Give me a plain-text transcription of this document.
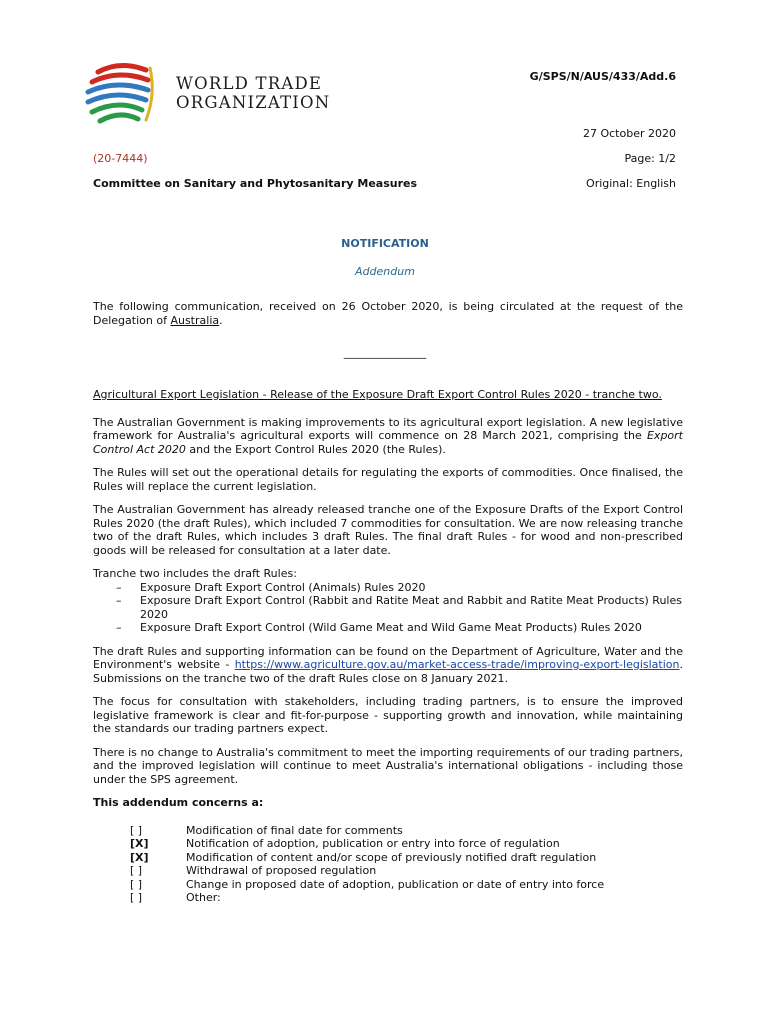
WORLD TRADE
ORGANIZATION
G/SPS/N/AUS/433/Add.6
27 October 2020
(20-7444)	Page: 1/2
Committee on Sanitary and Phytosanitary Measures	Original: English
NOTIFICATION
Addendum
The following communication, received on 26 October 2020, is being circulated at the request of the Delegation of Australia.
_______________

Agricultural Export Legislation - Release of the Exposure Draft Export Control Rules 2020 - tranche two.

The Australian Government is making improvements to its agricultural export legislation. A new legislative framework for Australia's agricultural exports will commence on 28 March 2021, comprising the Export Control Act 2020 and the Export Control Rules 2020 (the Rules).

The Rules will set out the operational details for regulating the exports of commodities. Once finalised, the Rules will replace the current legislation.

The Australian Government has already released tranche one of the Exposure Drafts of the Export Control Rules 2020 (the draft Rules), which included 7 commodities for consultation. We are now releasing tranche two of the draft Rules, which includes 3 draft Rules. The final draft Rules - for wood and non-prescribed goods will be released for consultation at a later date.

Tranche two includes the draft Rules:

– Exposure Draft Export Control (Animals) Rules 2020
– Exposure Draft Export Control (Rabbit and Ratite Meat and Rabbit and Ratite Meat Products) Rules 2020
– Exposure Draft Export Control (Wild Game Meat and Wild Game Meat Products) Rules 2020

The draft Rules and supporting information can be found on the Department of Agriculture, Water and the Environment's website - https://www.agriculture.gov.au/market-access-trade/improving-export-legislation. Submissions on the tranche two of the draft Rules close on 8 January 2021.

The focus for consultation with stakeholders, including trading partners, is to ensure the improved legislative framework is clear and fit-for-purpose - supporting growth and innovation, while maintaining the standards our trading partners expect.

There is no change to Australia's commitment to meet the importing requirements of our trading partners, and the improved legislation will continue to meet Australia's international obligations - including those under the SPS agreement.

This addendum concerns a:

[ ]	Modification of final date for comments
[X]	Notification of adoption, publication or entry into force of regulation
[X]	Modification of content and/or scope of previously notified draft regulation
[ ]	Withdrawal of proposed regulation
[ ]	Change in proposed date of adoption, publication or date of entry into force
[ ]	Other:
